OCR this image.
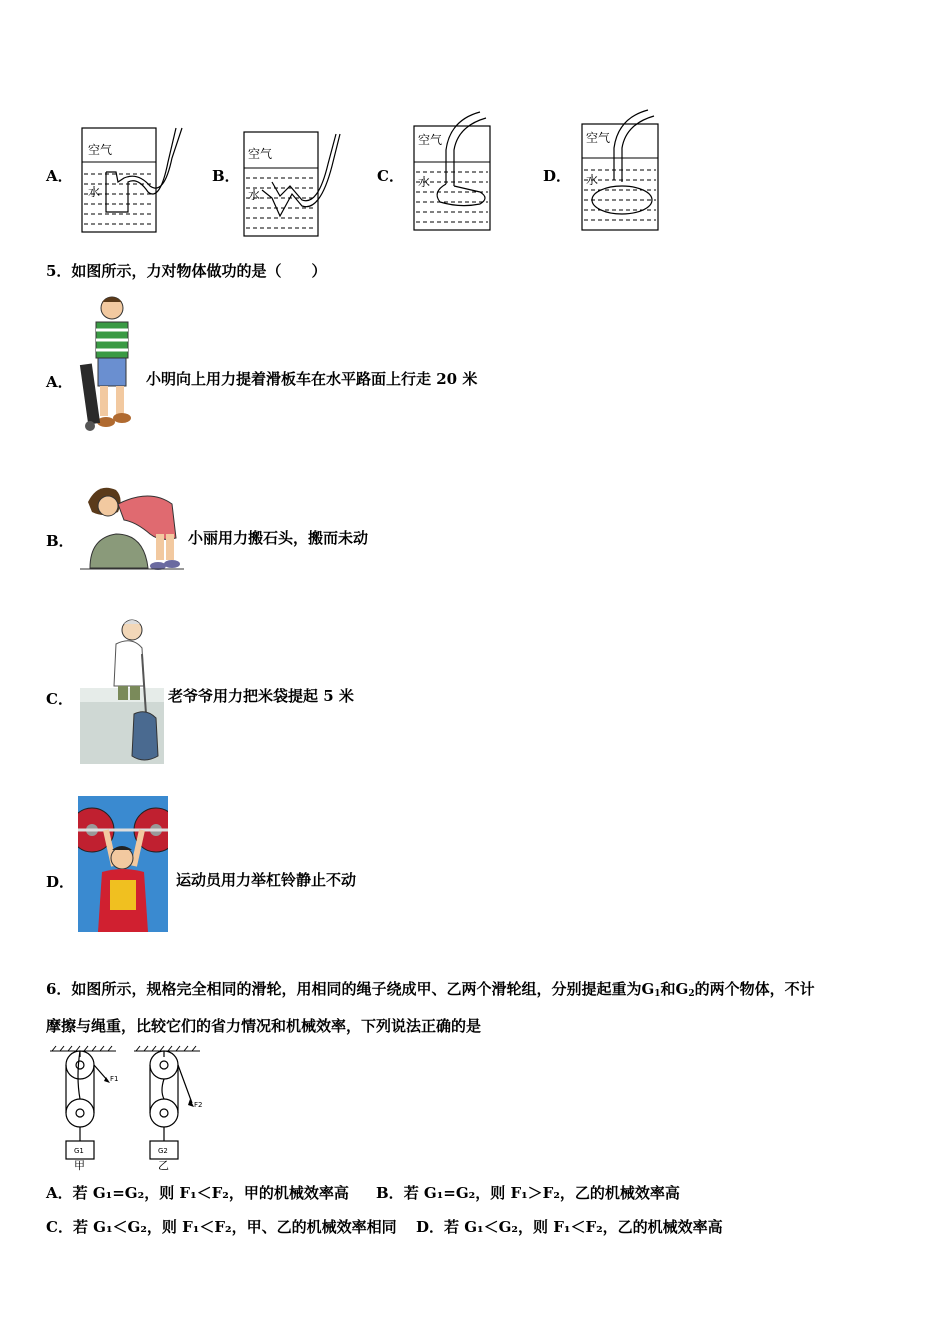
A．
空气
水
B．
空气
水
C．
空气
水	D．
空气
水
5．如图所示，力对物体做功的是（　　）
A．	小明向上用力提着滑板车在水平路面上行走 20 米
B．	小丽用力搬石头，搬而未动
C．	老爷爷用力把米袋提起 5 米
D．	运动员用力举杠铃静止不动
6．如图所示，规格完全相同的滑轮，用相同的绳子绕成甲、乙两个滑轮组，分别提起重为$G_1$和$G_2$的两个物体，不计
摩擦与绳重，比较它们的省力情况和机械效率，下列说法正确的是
F1
G1
甲
F2
G2
乙
A．若 G₁=G₂，则 F₁＜F₂，甲的机械效率高 B．若 G₁=G₂，则 F₁＞F₂，乙的机械效率高
C．若 G₁＜G₂，则 F₁＜F₂，甲、乙的机械效率相同 D．若 G₁＜G₂，则 F₁＜F₂，乙的机械效率高
